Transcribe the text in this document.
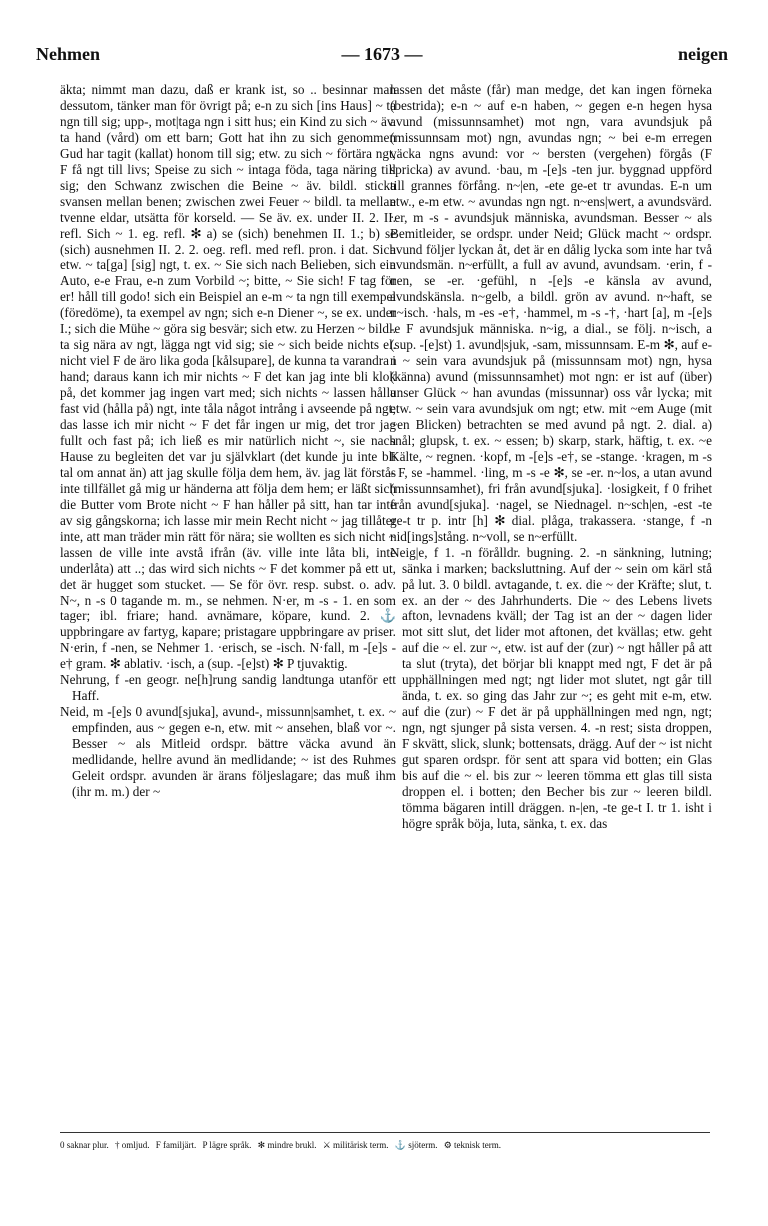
Nehmen	— 1673 —	neigen

äkta; nimmt man dazu, daß er krank ist, so .. besinnar man dessutom, tänker man för övrigt på; e-n zu sich [ins Haus] ~ ta ngn till sig; upp-, mot|taga ngn i sitt hus; ein Kind zu sich ~ äv. ta hand (vård) om ett barn; Gott hat ihn zu sich genommen Gud har tagit (kallat) honom till sig; etw. zu sich ~ förtära ngt, F få ngt till livs; Speise zu sich ~ intaga föda, taga näring till sig; den Schwanz zwischen die Beine ~ äv. bildl. sticka svansen mellan benen; zwischen zwei Feuer ~ bildl. ta mellan tvenne eldar, utsätta för korseld. — Se äv. ex. under II. 2. II. refl. Sich ~ 1. eg. refl. ✻ a) se (sich) benehmen II. 1.; b) se (sich) ausnehmen II. 2. 2. oeg. refl. med refl. pron. i dat. Sich etw. ~ ta[ga] [sig] ngt, t. ex. ~ Sie sich nach Belieben, sich ein Auto, e-e Frau, e-n zum Vorbild ~; bitte, ~ Sie sich! F tag för er! håll till godo! sich ein Beispiel an e-m ~ ta ngn till exempel (föredöme), ta exempel av ngn; sich e-n Diener ~, se ex. under I.; sich die Mühe ~ göra sig besvär; sich etw. zu Herzen ~ bildl. ta sig nära av ngt, lägga ngt vid sig; sie ~ sich beide nichts el. nicht viel F de äro lika goda [kålsupare], de kunna ta varandra i hand; daraus kann ich mir nichts ~ F det kan jag inte bli klok på, det kommer jag ingen vart med; sich nichts ~ lassen hålla fast vid (hålla på) ngt, inte tåla något intrång i avseende på ngt; das lasse ich mir nicht ~ F det får ingen ur mig, det tror jag fullt och fast på; ich ließ es mir natürlich nicht ~, sie nach Hause zu begleiten det var ju självklart (det kunde ju inte bli tal om annat än) att jag skulle följa dem hem, äv. jag lät förstås inte tillfället gå mig ur händerna att följa dem hem; er läßt sich die Butter vom Brote nicht ~ F han håller på sitt, han tar inte av sig gångskorna; ich lasse mir mein Recht nicht ~ jag tillåter inte, att man träder min rätt för nära; sie wollten es sich nicht ~ lassen de ville inte avstå ifrån (äv. ville inte låta bli, inte underlåta) att ..; das wird sich nichts ~ F det kommer på ett ut, det är hugget som stucket. — Se för övr. resp. subst. o. adv. N~, n -s 0 tagande m. m., se nehmen. N·er, m -s - 1. en som tager; ibl. friare; hand. avnämare, köpare, kund. 2. ⚓ uppbringare av fartyg, kapare; pristagare uppbringare av priser. N·erin, f -nen, se Nehmer 1. ·erisch, se -isch. N·fall, m -[e]s -e† gram. ✻ ablativ. ·isch, a (sup. -[e]st) ✻ P tjuvaktig.

Nehrung, f -en geogr. ne[h]rung sandig landtunga utanför ett Haff.

Neid, m -[e]s 0 avund[sjuka], avund-, missunn|samhet, t. ex. ~ empfinden, aus ~ gegen e-n, etw. mit ~ ansehen, blaß vor ~. Besser ~ als Mitleid ordspr. bättre väcka avund än medlidande, hellre avund än medlidande; ~ ist des Ruhmes Geleit ordspr. avunden är ärans följeslagare; das muß ihm (ihr m. m.) der ~

lassen det måste (får) man medge, det kan ingen förneka (bestrida); e-n ~ auf e-n haben, ~ gegen e-n hegen hysa avund (missunnsamhet) mot ngn, vara avundsjuk på (missunnsam mot) ngn, avundas ngn; ~ bei e-m erregen väcka ngns avund: vor ~ bersten (vergehen) förgås (F spricka) av avund. ·bau, m -[e]s -ten jur. byggnad uppförd till grannes förfång. n~|en, -ete ge-et tr avundas. E-n um etw., e-m etw. ~ avundas ngn ngt. n~ens|wert, a avundsvärd. ·er, m -s - avundsjuk människa, avundsman. Besser ~ als Bemitleider, se ordspr. under Neid; Glück macht ~ ordspr. avund följer lyckan åt, det är en dålig lycka som inte har två avundsmän. n~erfüllt, a full av avund, avundsam. ·erin, f -nen, se -er. ·gefühl, n -[e]s -e känsla av avund, avundskänsla. n~gelb, a bildl. grön av avund. n~haft, se n~isch. ·hals, m -es -e†, ·hammel, m -s -†, ·hart [a], m -[e]s -e F avundsjuk människa. n~ig, a dial., se följ. n~isch, a (sup. -[e]st) 1. avund|sjuk, -sam, missunnsam. E-m ✻, auf e-n ~ sein vara avundsjuk på (missunnsam mot) ngn, hysa (känna) avund (missunnsamhet) mot ngn: er ist auf (über) unser Glück ~ han avundas (missunnar) oss vår lycka; mit etw. ~ sein vara avundsjuk om ngt; etw. mit ~em Auge (mit ~en Blicken) betrachten se med avund på ngt. 2. dial. a) snål; glupsk, t. ex. ~ essen; b) skarp, stark, häftig, t. ex. ~e Kälte, ~ regnen. ·kopf, m -[e]s -e†, se -stange. ·kragen, m -s - F, se -hammel. ·ling, m -s -e ✻, se -er. n~los, a utan avund (missunnsamhet), fri från avund[sjuka]. ·losigkeit, f 0 frihet från avund[sjuka]. ·nagel, se Niednagel. n~sch|en, -est -te ge-t tr p. intr [h] ✻ dial. plåga, trakassera. ·stange, f -n nid[ings]stång. n~voll, se n~erfüllt.

Neig|e, f 1. -n förålldr. bugning. 2. -n sänkning, lutning; sänka i marken; backsluttning. Auf der ~ sein om kärl stå på lut. 3. 0 bildl. avtagande, t. ex. die ~ der Kräfte; slut, t. ex. an der ~ des Jahrhunderts. Die ~ des Lebens livets afton, levnadens kväll; der Tag ist an der ~ dagen lider mot sitt slut, det lider mot aftonen, det kvällas; etw. geht auf die ~ el. zur ~, etw. ist auf der (zur) ~ ngt håller på att ta slut (tryta), det börjar bli knappt med ngt, F det är på upphällningen med ngt; ngt lider mot slutet, ngt går till ända, t. ex. so ging das Jahr zur ~; es geht mit e-m, etw. auf die (zur) ~ F det är på upphällningen med ngn, ngt; ngn, ngt sjunger på sista versen. 4. -n rest; sista droppen, F skvätt, slick, slunk; bottensats, drägg. Auf der ~ ist nicht gut sparen ordspr. för sent att spara vid botten; ein Glas bis auf die ~ el. bis zur ~ leeren tömma ett glas till sista droppen el. i botten; den Becher bis zur ~ leeren bildl. tömma bägaren intill dräggen. n-|en, -te ge-t I. tr 1. isht i högre språk böja, luta, sänka, t. ex. das

0 saknar plur. † omljud. F familjärt. P lägre språk. ✻ mindre brukl. ⚔ militärisk term. ⚓ sjöterm. ⚙ teknisk term.
